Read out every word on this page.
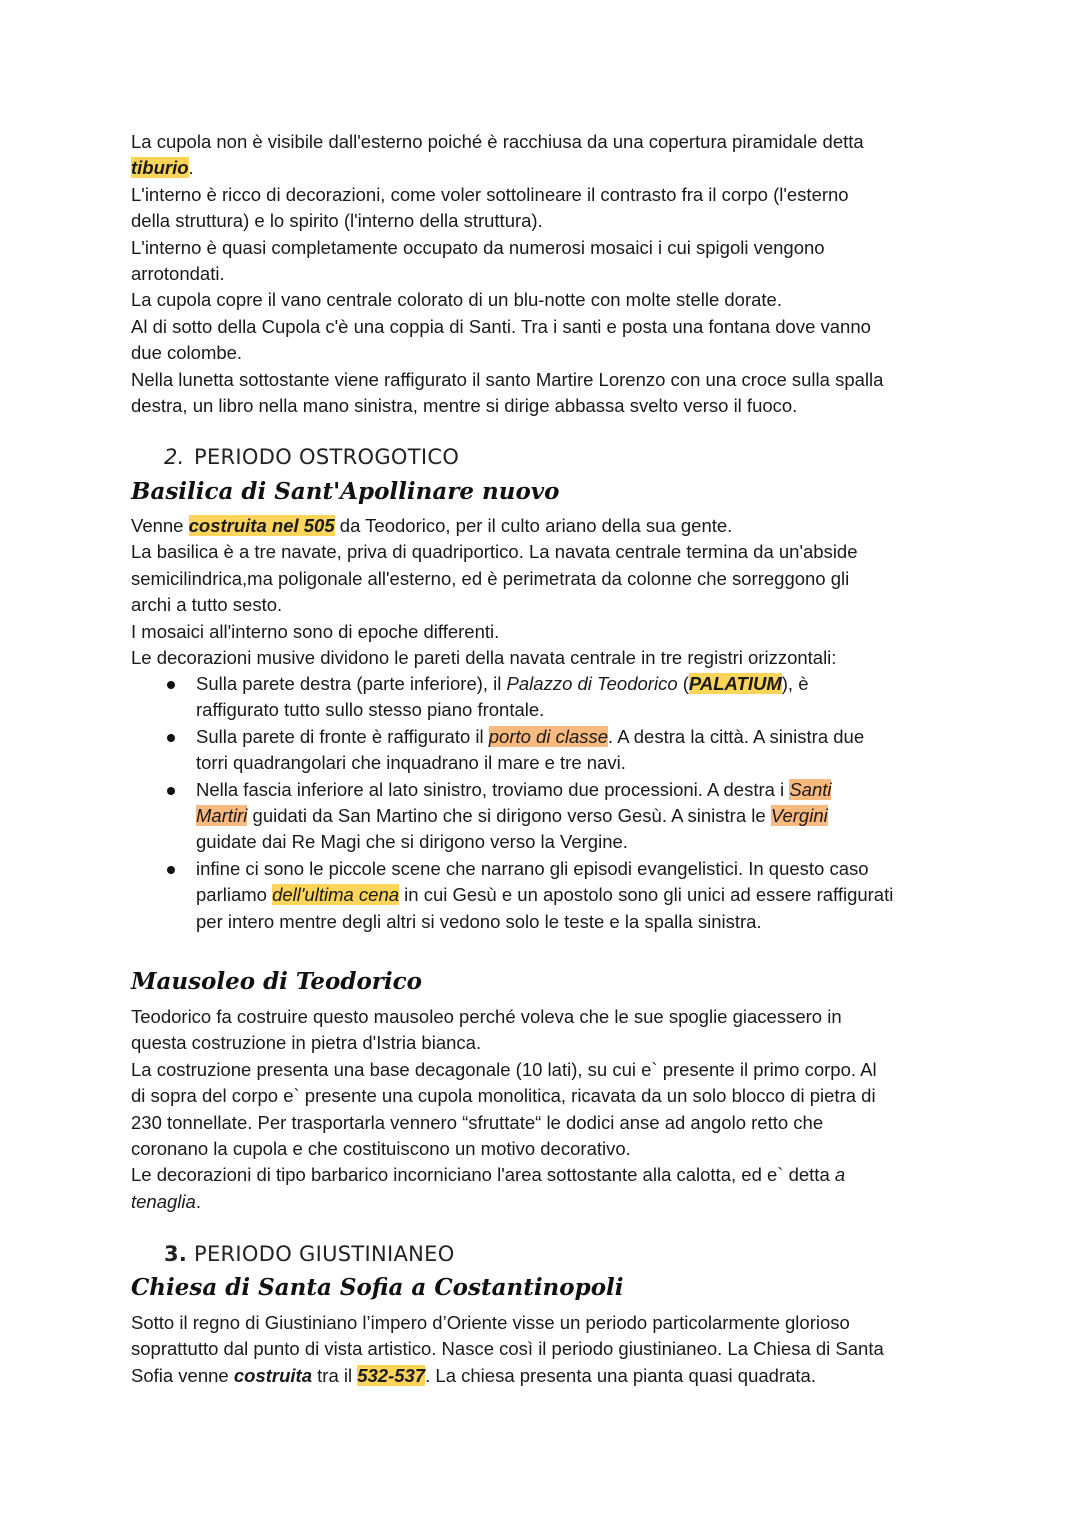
La cupola non è visibile dall'esterno poiché è racchiusa da una copertura piramidale detta
tiburio.
L'interno è ricco di decorazioni, come voler sottolineare il contrasto fra il corpo (l'esterno
della struttura) e lo spirito (l'interno della struttura).
L'interno è quasi completamente occupato da numerosi mosaici i cui spigoli vengono
arrotondati.
La cupola copre il vano centrale colorato di un blu-notte con molte stelle dorate.
Al di sotto della Cupola c'è una coppia di Santi. Tra i santi e posta una fontana dove vanno
due colombe.
Nella lunetta sottostante viene raffigurato il santo Martire Lorenzo con una croce sulla spalla
destra, un libro nella mano sinistra, mentre si dirige abbassa svelto verso il fuoco.
2. PERIODO OSTROGOTICO
Basilica di Sant'Apollinare nuovo
Venne costruita nel 505 da Teodorico, per il culto ariano della sua gente.
La basilica è a tre navate, priva di quadriportico. La navata centrale termina da un'abside
semicilindrica,ma poligonale all'esterno, ed è perimetrata da colonne che sorreggono gli
archi a tutto sesto.
I mosaici all'interno sono di epoche differenti.
Le decorazioni musive dividono le pareti della navata centrale in tre registri orizzontali:
Sulla parete destra (parte inferiore), il Palazzo di Teodorico (PALATIUM), è
raffigurato tutto sullo stesso piano frontale.
Sulla parete di fronte è raffigurato il porto di classe. A destra la città. A sinistra due
torri quadrangolari che inquadrano il mare e tre navi.
Nella fascia inferiore al lato sinistro, troviamo due processioni. A destra i Santi
Martiri guidati da San Martino che si dirigono verso Gesù. A sinistra le Vergini
guidate dai Re Magi che si dirigono verso la Vergine.
infine ci sono le piccole scene che narrano gli episodi evangelistici. In questo caso
parliamo dell'ultima cena in cui Gesù e un apostolo sono gli unici ad essere raffigurati
per intero mentre degli altri si vedono solo le teste e la spalla sinistra.
Mausoleo di Teodorico
Teodorico fa costruire questo mausoleo perché voleva che le sue spoglie giacessero in
questa costruzione in pietra d'Istria bianca.
La costruzione presenta una base decagonale (10 lati), su cui e` presente il primo corpo. Al
di sopra del corpo e` presente una cupola monolitica, ricavata da un solo blocco di pietra di
230 tonnellate. Per trasportarla vennero “sfruttate“ le dodici anse ad angolo retto che
coronano la cupola e che costituiscono un motivo decorativo.
Le decorazioni di tipo barbarico incorniciano l'area sottostante alla calotta, ed e` detta a
tenaglia.
3. PERIODO GIUSTINIANEO
Chiesa di Santa Sofia a Costantinopoli
Sotto il regno di Giustiniano l’impero d’Oriente visse un periodo particolarmente glorioso
soprattutto dal punto di vista artistico. Nasce così il periodo giustinianeo. La Chiesa di Santa
Sofia venne costruita tra il 532-537. La chiesa presenta una pianta quasi quadrata.
